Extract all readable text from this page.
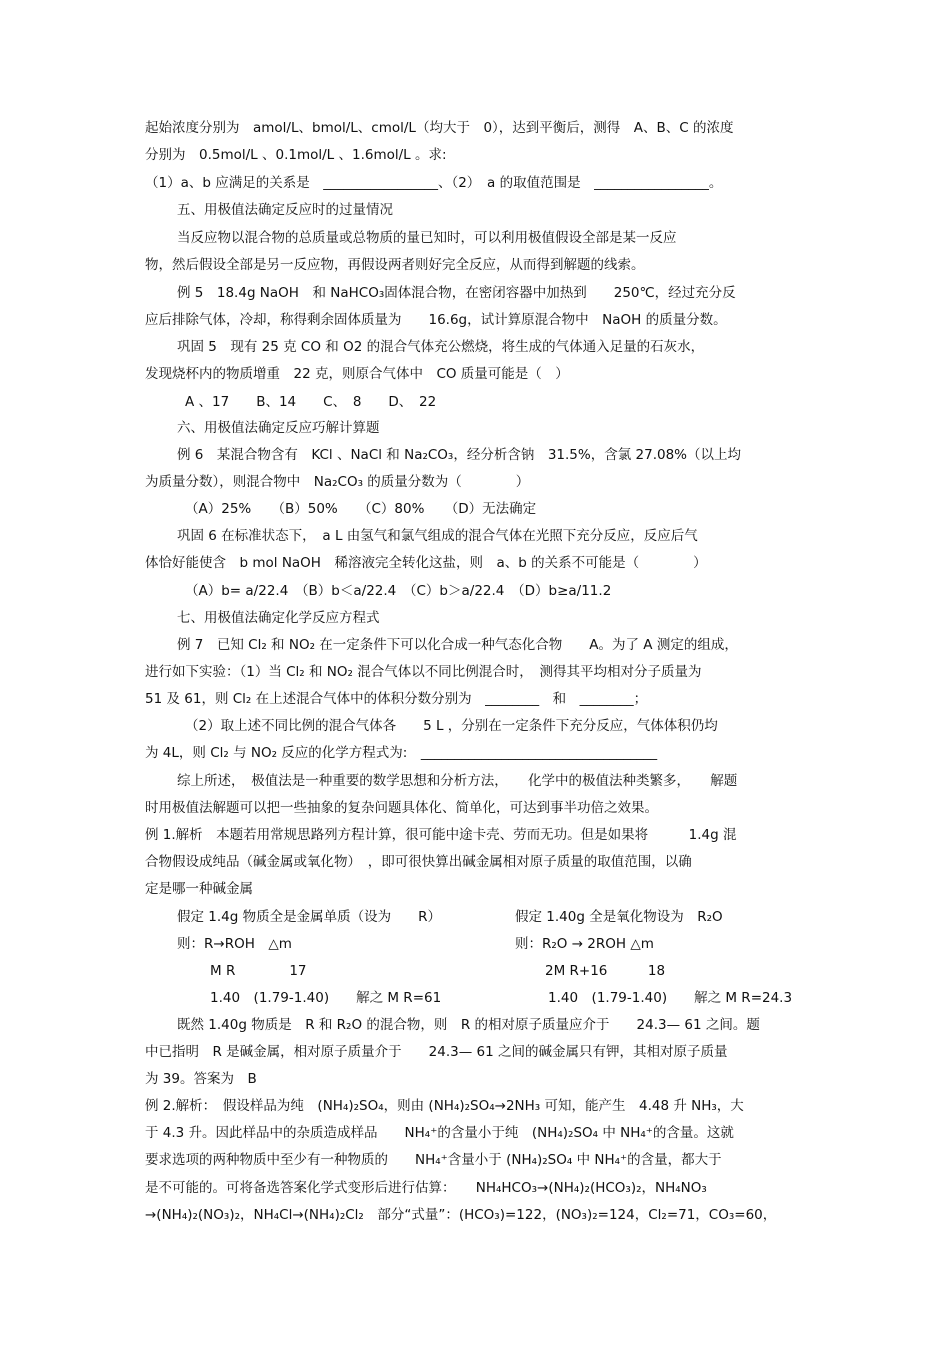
起始浓度分别为　amol/L、bmol/L、cmol/L（均大于　0），达到平衡后，测得　A、B、C 的浓度
分别为　0.5mol/L 、0.1mol/L 、1.6mol/L 。求:
（1）a、b 应满足的关系是　_________________、（2）　a 的取值范围是　_________________。
五、用极值法确定反应时的过量情况
当反应物以混合物的总质量或总物质的量已知时，可以利用极值假设全部是某一反应
物，然后假设全部是另一反应物，再假设两者则好完全反应，从而得到解题的线索。
例 5　18.4g NaOH　和 NaHCO₃固体混合物，在密闭容器中加热到　　250℃，经过充分反
应后排除气体，冷却，称得剩余固体质量为　　16.6g，试计算原混合物中　NaOH 的质量分数。
巩固 5　现有 25 克 CO 和 O2 的混合气体充公燃烧，将生成的气体通入足量的石灰水，
发现烧杯内的物质增重　22 克，则原合气体中　CO 质量可能是（　）
A 、17　　B、14　　C、　8　　D、　22
六、用极值法确定反应巧解计算题
例 6　某混合物含有　KCl 、NaCl 和 Na₂CO₃，经分析含钠　31.5%，含氯 27.08%（以上均
为质量分数），则混合物中　Na₂CO₃ 的质量分数为（　　　　）
（A）25%　　（B）50%　　（C）80%　　（D）无法确定
巩固 6 在标准状态下，　a L 由氢气和氯气组成的混合气体在光照下充分反应，反应后气
体恰好能使含　b mol NaOH　稀溶液完全转化这盐，则　a、b 的关系不可能是（　　　　）
（A）b= a/22.4　（B）b＜a/22.4　（C）b＞a/22.4　（D）b≥a/11.2
七、用极值法确定化学反应方程式
例 7　已知 Cl₂ 和 NO₂ 在一定条件下可以化合成一种气态化合物　　A。为了 A 测定的组成，
进行如下实验：（1）当 Cl₂ 和 NO₂ 混合气体以不同比例混合时，　测得其平均相对分子质量为
51 及 61，则 Cl₂ 在上述混合气体中的体积分数分别为　________　和　________；
（2）取上述不同比例的混合气体各　　5 L ，分别在一定条件下充分反应，气体体积仍均
为 4L，则 Cl₂ 与 NO₂ 反应的化学方程式为:　___________________________________
综上所述，　极值法是一种重要的数学思想和分析方法，　　化学中的极值法种类繁多，　　解题
时用极值法解题可以把一些抽象的复杂问题具体化、简单化，可达到事半功倍之效果。
例 1.解析　本题若用常规思路列方程计算，很可能中途卡壳、劳而无功。但是如果将　　　1.4g 混
合物假设成纯品（碱金属或氧化物）　，即可很快算出碱金属相对原子质量的取值范围，以确
定是哪一种碱金属
假定 1.4g 物质全是金属单质（设为　　R）	假定 1.40g 全是氧化物设为　R₂O
则：R→ROH　△m	则：R₂O → 2ROH △m
M R　　　　17	2M R+16　　　18
1.40　(1.79-1.40)　　解之 M R=61	1.40　(1.79-1.40)　　解之 M R=24.3
既然 1.40g 物质是　R 和 R₂O 的混合物，则　R 的相对原子质量应介于　　24.3— 61 之间。题
中已指明　R 是碱金属，相对原子质量介于　　24.3— 61 之间的碱金属只有钾，其相对原子质量
为 39。答案为　B
例 2.解析：　假设样品为纯　(NH₄)₂SO₄，则由 (NH₄)₂SO₄→2NH₃ 可知，能产生　4.48 升 NH₃，大
于 4.3 升。因此样品中的杂质造成样品　　NH₄⁺的含量小于纯　(NH₄)₂SO₄ 中 NH₄⁺的含量。这就
要求选项的两种物质中至少有一种物质的　　NH₄⁺含量小于 (NH₄)₂SO₄ 中 NH₄⁺的含量，都大于
是不可能的。可将备选答案化学式变形后进行估算：　　NH₄HCO₃→(NH₄)₂(HCO₃)₂，NH₄NO₃
→(NH₄)₂(NO₃)₂，NH₄Cl→(NH₄)₂Cl₂　部分“式量”：(HCO₃)=122，(NO₃)₂=124，Cl₂=71，CO₃=60，
